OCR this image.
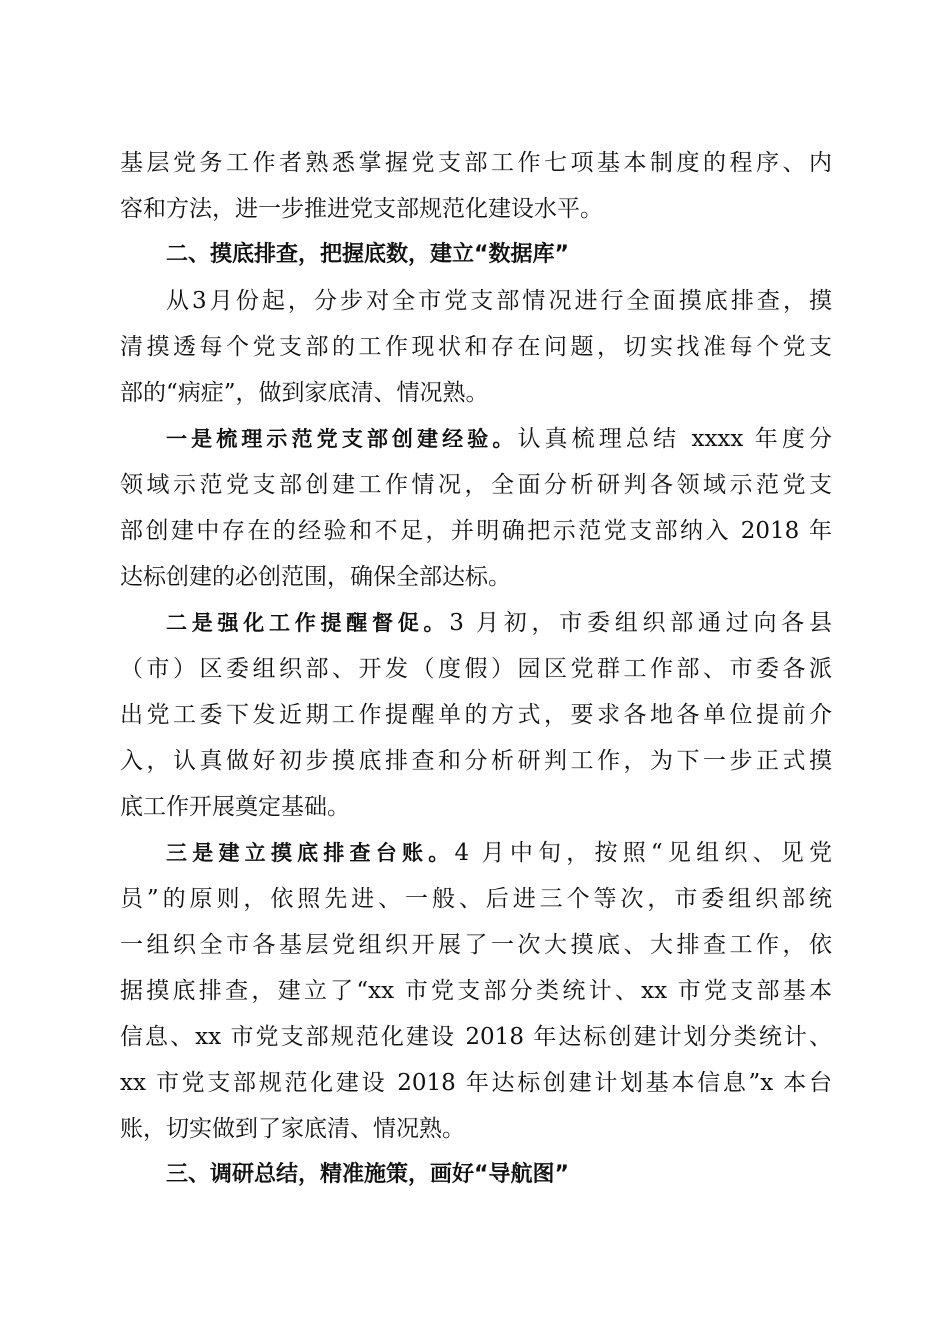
基层党务工作者熟悉掌握党支部工作七项基本制度的程序、内
容和方法，进一步推进党支部规范化建设水平。
二、摸底排查，把握底数，建立“数据库”
从3月份起，分步对全市党支部情况进行全面摸底排查，摸
清摸透每个党支部的工作现状和存在问题，切实找准每个党支
部的“病症”，做到家底清、情况熟。
一是梳理示范党支部创建经验。认真梳理总结 xxxx 年度分
领域示范党支部创建工作情况，全面分析研判各领域示范党支
部创建中存在的经验和不足，并明确把示范党支部纳入 2018 年
达标创建的必创范围，确保全部达标。
二是强化工作提醒督促。3 月初，市委组织部通过向各县
（市）区委组织部、开发（度假）园区党群工作部、市委各派
出党工委下发近期工作提醒单的方式，要求各地各单位提前介
入，认真做好初步摸底排查和分析研判工作，为下一步正式摸
底工作开展奠定基础。
三是建立摸底排查台账。4 月中旬，按照“见组织、见党
员”的原则，依照先进、一般、后进三个等次，市委组织部统
一组织全市各基层党组织开展了一次大摸底、大排查工作，依
据摸底排查，建立了“xx 市党支部分类统计、xx 市党支部基本
信息、xx 市党支部规范化建设 2018 年达标创建计划分类统计、
xx 市党支部规范化建设 2018 年达标创建计划基本信息”x 本台
账，切实做到了家底清、情况熟。
三、调研总结，精准施策，画好“导航图”
